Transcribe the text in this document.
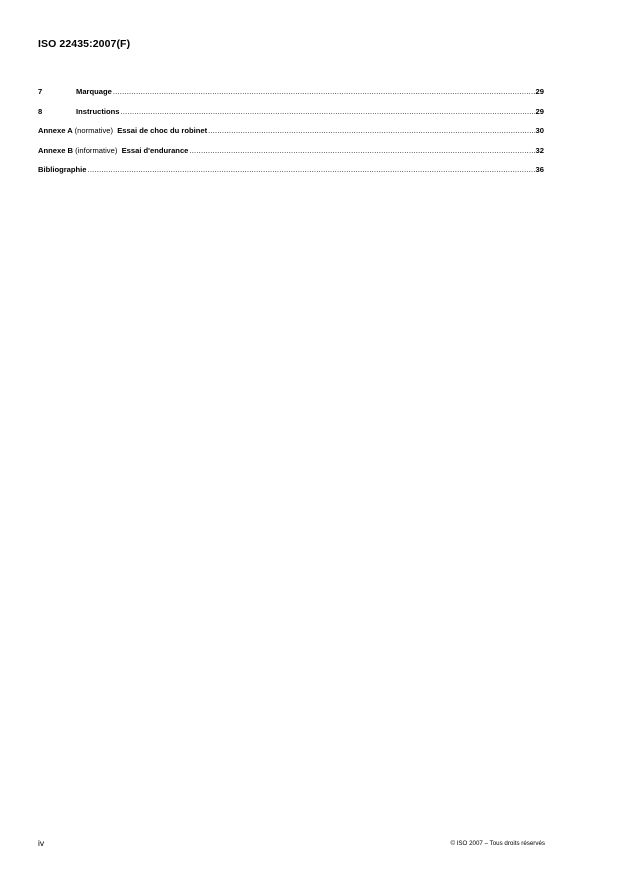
ISO 22435:2007(F)
7	Marquage .....	29
8	Instructions .....	29
Annexe A (normative) Essai de choc du robinet .....	30
Annexe B (informative) Essai d'endurance .....	32
Bibliographie .....	36
iv	© ISO 2007 – Tous droits réservés
